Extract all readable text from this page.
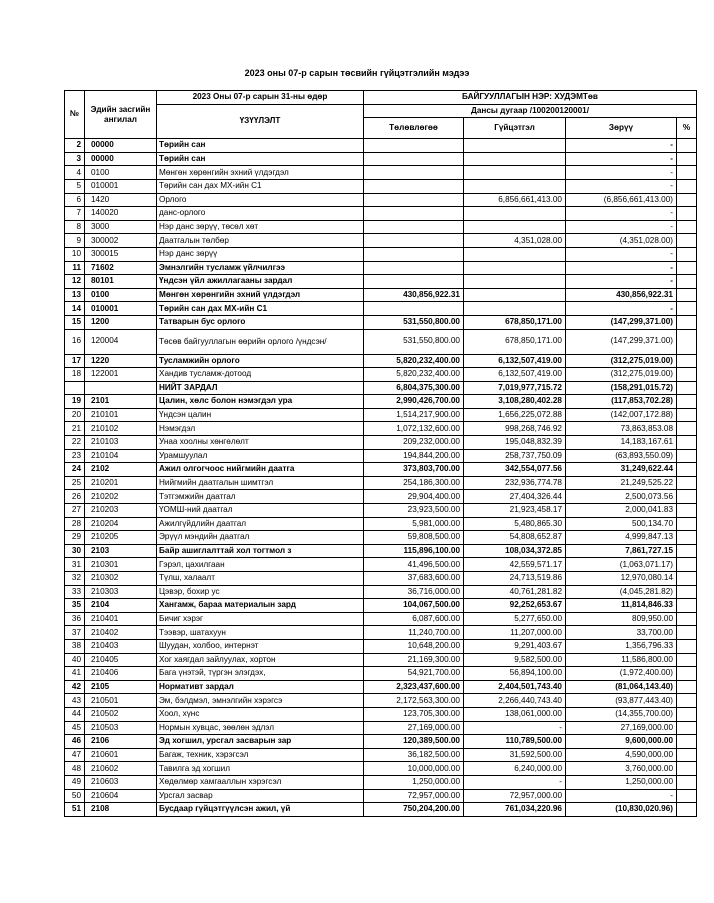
2023 оны 07-р сарын төсвийн гүйцэтгэлийн мэдээ
№	Эдийн засгийн ангилал	2023 Оны 07-р сарын 31-ны өдөр	БАЙГУУЛЛАГЫН НЭР: ХУДЭМТөв			
		ҮЗҮҮЛЭЛТ	Дансы дугаар /100200120001/			
			Төлөвлөгөө	Гүйцэтгэл	Зөрүү	%
2	00000	Төрийн сан			-	
3	00000	Төрийн сан			-	
4	0100	Мөнгөн хөрөнгийн эхний үлдэгдэл			-	
5	010001	Төрийн сан дах МХ-ийн С1			-	
6	1420	Орлого		6,856,661,413.00	(6,856,661,413.00)	
7	140020	данс-орлого			-	
8	3000	Нэр данс зөрүү, төсөл хөт			-	
9	300002	Даатгалын төлбөр		4,351,028.00	(4,351,028.00)	
10	300015	Нэр данс зөрүү			-	
11	71602	Эмнэлгийн тусламж үйлчилгээ			-	
12	80101	Үндсэн үйл ажиллагааны зардал			-	
13	0100	Мөнгөн хөрөнгийн эхний үлдэгдэл	430,856,922.31		430,856,922.31	
14	010001	Төрийн сан дах МХ-ийн С1			-	
15	1200	Татварын бус орлого	531,550,800.00	678,850,171.00	(147,299,371.00)	
16	120004	Төсөв байгууллагын өөрийн орлого /үндсэн/	531,550,800.00	678,850,171.00	(147,299,371.00)	
17	1220	Тусламжийн орлого	5,820,232,400.00	6,132,507,419.00	(312,275,019.00)	
18	122001	Хандив тусламж-дотоод	5,820,232,400.00	6,132,507,419.00	(312,275,019.00)	
		НИЙТ ЗАРДАЛ	6,804,375,300.00	7,019,977,715.72	(158,291,015.72)	
19	2101	Цалин, хөлс болон нэмэгдэл ура	2,990,426,700.00	3,108,280,402.28	(117,853,702.28)	
20	210101	Үндсэн цалин	1,514,217,900.00	1,656,225,072.88	(142,007,172.88)	
21	210102	Нэмэгдэл	1,072,132,600.00	998,268,746.92	73,863,853.08	
22	210103	Унаа хоолны хөнгөлөлт	209,232,000.00	195,048,832.39	14,183,167.61	
23	210104	Урамшуулал	194,844,200.00	258,737,750.09	(63,893,550.09)	
24	2102	Ажил олгогчоос нийгмийн даатга	373,803,700.00	342,554,077.56	31,249,622.44	
25	210201	Нийгмийн даатгалын шимтгэл	254,186,300.00	232,936,774.78	21,249,525.22	
26	210202	Тэтгэмжийн даатгал	29,904,400.00	27,404,326.44	2,500,073.56	
27	210203	ҮОМШ-ний даатгал	23,923,500.00	21,923,458.17	2,000,041.83	
28	210204	Ажилгүйдлийн даатгал	5,981,000.00	5,480,865.30	500,134.70	
29	210205	Эрүүл мэндийн даатгал	59,808,500.00	54,808,652.87	4,999,847.13	
30	2103	Байр ашиглалттай хол тогтмол з	115,896,100.00	108,034,372.85	7,861,727.15	
31	210301	Гэрэл, цахилгаан	41,496,500.00	42,559,571.17	(1,063,071.17)	
32	210302	Түлш, халаалт	37,683,600.00	24,713,519.86	12,970,080.14	
33	210303	Цэвэр, бохир ус	36,716,000.00	40,761,281.82	(4,045,281.82)	
35	2104	Хангамж, бараа материалын зард	104,067,500.00	92,252,653.67	11,814,846.33	
36	210401	Бичиг хэрэг	6,087,600.00	5,277,650.00	809,950.00	
37	210402	Тээвэр, шатахуун	11,240,700.00	11,207,000.00	33,700.00	
38	210403	Шуудан, холбоо, интернэт	10,648,200.00	9,291,403.67	1,356,796.33	
40	210405	Хог хаягдал зайлуулах, хортон	21,169,300.00	9,582,500.00	11,586,800.00	
41	210406	Бага үнэтэй, түргэн элэгдэх,	54,921,700.00	56,894,100.00	(1,972,400.00)	
42	2105	Нормативт зардал	2,323,437,600.00	2,404,501,743.40	(81,064,143.40)	
43	210501	Эм, бэлдмэл, эмнэлгийн хэрэгсэ	2,172,563,300.00	2,266,440,743.40	(93,877,443.40)	
44	210502	Хоол, хүнс	123,705,300.00	138,061,000.00	(14,355,700.00)	
45	210503	Нормын хувцас, зөөлөн эдлэл	27,169,000.00	-	27,169,000.00	
46	2106	Эд хогшил, урсгал засварын зар	120,389,500.00	110,789,500.00	9,600,000.00	
47	210601	Багаж, техник, хэрэгсэл	36,182,500.00	31,592,500.00	4,590,000.00	
48	210602	Тавилга эд хогшил	10,000,000.00	6,240,000.00	3,760,000.00	
49	210603	Хөдөлмөр хамгааллын хэрэгсэл	1,250,000.00	-	1,250,000.00	
50	210604	Урсгал засвар	72,957,000.00	72,957,000.00	-	
51	2108	Бусдаар гүйцэтгүүлсэн ажил, үй	750,204,200.00	761,034,220.96	(10,830,020.96)	
